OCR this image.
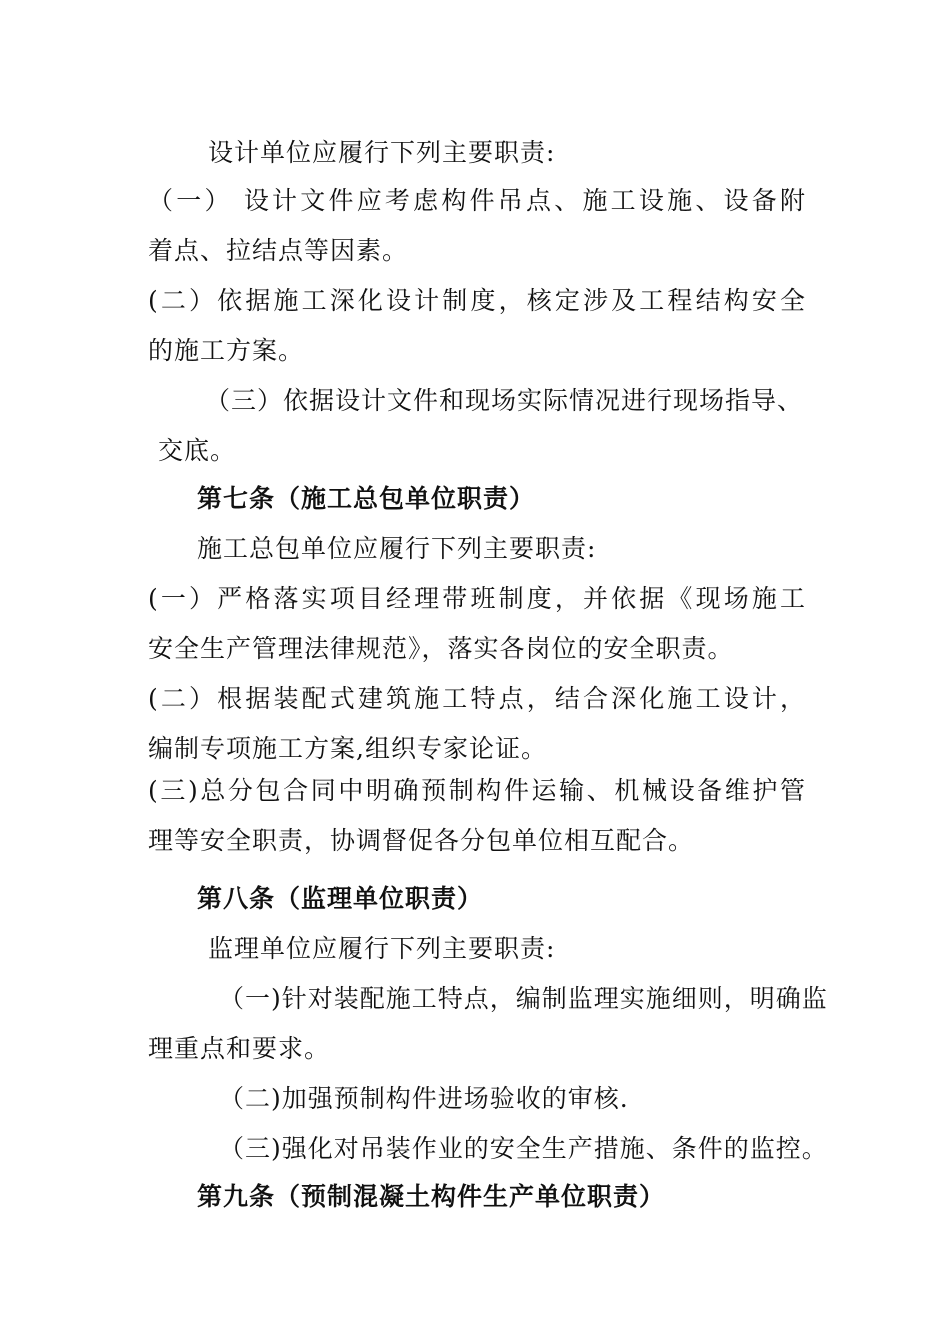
设计单位应履行下列主要职责:

（一） 设计文件应考虑构件吊点、施工设施、设备附

着点、拉结点等因素。

(二）依据施工深化设计制度，核定涉及工程结构安全

的施工方案。

（三）依据设计文件和现场实际情况进行现场指导、

交底。

第七条（施工总包单位职责）

施工总包单位应履行下列主要职责:

(一）严格落实项目经理带班制度，并依据《现场施工

安全生产管理法律规范》，落实各岗位的安全职责。

(二）根据装配式建筑施工特点，结合深化施工设计，

编制专项施工方案,组织专家论证。

(三)总分包合同中明确预制构件运输、机械设备维护管

理等安全职责，协调督促各分包单位相互配合。

第八条（监理单位职责）

监理单位应履行下列主要职责:

（一)针对装配施工特点，编制监理实施细则，明确监

理重点和要求。

（二)加强预制构件进场验收的审核.

（三)强化对吊装作业的安全生产措施、条件的监控。

第九条（预制混凝土构件生产单位职责）
